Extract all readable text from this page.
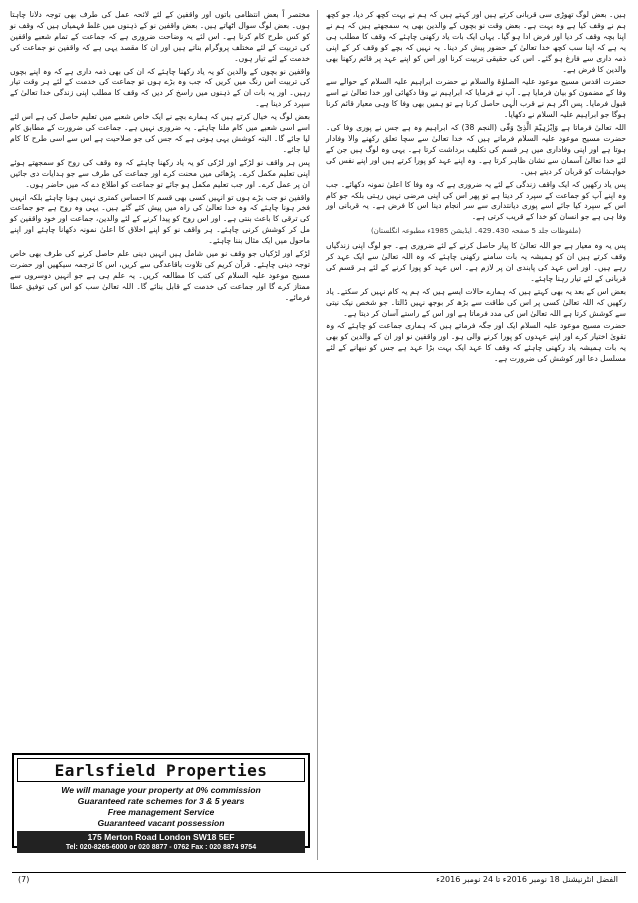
ہیں۔ بعض لوگ تھوڑی سی قربانی کرتے ہیں اور کہتے ہیں کہ ہم نے بہت کچھ کر دیا، جو کچھ ہم نے وقف کیا ہے وہ بہت ہے۔ بعض وقت نو بچوں کے والدین بھی یہ سمجھتے ہیں کہ ہم نے اپنا بچہ وقف کر دیا اور فرض ادا ہو گیا۔ یہاں ایک بات یاد رکھنی چاہئے کہ وقف کا مطلب ہی یہ ہے کہ اپنا سب کچھ خدا تعالیٰ کے حضور پیش کر دینا۔ یہ نہیں کہ بچے کو وقف کر کے اپنی ذمہ داری سے فارغ ہو گئے۔ اس کی حقیقی تربیت کرنا اور اس کو اپنے عہد پر قائم رکھنا بھی والدین کا فرض ہے۔

حضرت اقدس مسیح موعود علیہ الصلوٰۃ والسلام نے حضرت ابراہیم علیہ السلام کے حوالے سے وفا کے مضمون کو بیان فرمایا ہے۔ آپ نے فرمایا کہ ابراہیم نے وفا دکھائی اور خدا تعالیٰ نے اسے قبول فرمایا۔ پس اگر ہم نے قرب الٰہی حاصل کرنا ہے تو ہمیں بھی وفا کا وہی معیار قائم کرنا ہوگا جو ابراہیم علیہ السلام نے دکھایا۔

اللہ تعالیٰ فرماتا ہے وَاِبْرٰہِیْمَ الَّذِیْ وَفّٰی (النجم 38) کہ ابراہیم وہ ہے جس نے پوری وفا کی۔ حضرت مسیح موعود علیہ السلام فرماتے ہیں کہ خدا تعالیٰ سے سچا تعلق رکھنے والا وفادار ہوتا ہے اور اپنی وفاداری میں ہر قسم کی تکلیف برداشت کرتا ہے۔ یہی وہ لوگ ہیں جن کے لئے خدا تعالیٰ آسمان سے نشان ظاہر کرتا ہے۔ وہ اپنے عہد کو پورا کرتے ہیں اور اپنے نفس کی خواہشات کو قربان کر دیتے ہیں۔

پس یاد رکھیں کہ ایک واقف زندگی کے لئے یہ ضروری ہے کہ وہ وفا کا اعلیٰ نمونہ دکھائے۔ جب وہ اپنے آپ کو جماعت کے سپرد کر دیتا ہے تو پھر اس کی اپنی مرضی نہیں رہتی بلکہ جو کام اس کے سپرد کیا جائے اسے پوری دیانتداری سے سر انجام دینا اس کا فرض ہے۔ یہ قربانی اور وفا ہی ہے جو انسان کو خدا کے قریب کرتی ہے۔

(ملفوظات جلد 5 صفحہ 430۔429۔ ایڈیشن 1985ء مطبوعہ انگلستان)

پس یہ وہ معیار ہے جو اللہ تعالیٰ کا پیار حاصل کرنے کے لئے ضروری ہے۔ جو لوگ اپنی زندگیاں وقف کرتے ہیں ان کو ہمیشہ یہ بات سامنے رکھنی چاہئے کہ وہ اللہ تعالیٰ سے ایک عہد کر رہے ہیں۔ اور اس عہد کی پابندی ان پر لازم ہے۔ اس عہد کو پورا کرنے کے لئے ہر قسم کی قربانی کے لئے تیار رہنا چاہئے۔

بعض اس کے بعد یہ بھی کہتے ہیں کہ ہمارے حالات ایسے ہیں کہ ہم یہ کام نہیں کر سکتے۔ یاد رکھیں کہ اللہ تعالیٰ کسی پر اس کی طاقت سے بڑھ کر بوجھ نہیں ڈالتا۔ جو شخص نیک نیتی سے کوشش کرتا ہے اللہ تعالیٰ اس کی مدد فرماتا ہے اور اس کے راستے آسان کر دیتا ہے۔

حضرت مسیح موعود علیہ السلام ایک اور جگہ فرماتے ہیں کہ ہماری جماعت کو چاہئے کہ وہ تقویٰ اختیار کرے اور اپنے عہدوں کو پورا کرنے والی ہو۔ اور واقفین نو اور ان کے والدین کو بھی یہ بات ہمیشہ یاد رکھنی چاہئے کہ وقف کا عہد ایک بہت بڑا عہد ہے جس کو نبھانے کے لئے مسلسل دعا اور کوشش کی ضرورت ہے۔

مختصر اً بعض انتظامی باتوں اور واقفین کے لئے لائحہ عمل کی طرف بھی توجہ دلانا چاہتا ہوں۔ بعض لوگ سوال اٹھاتے ہیں۔ بعض واقفین نو کے ذہنوں میں غلط فہمیاں ہیں کہ وقف نو کو کس طرح کام کرنا ہے۔ اس لئے یہ وضاحت ضروری ہے کہ جماعت کے تمام شعبے واقفین کی تربیت کے لئے مختلف پروگرام بناتے ہیں اور ان کا مقصد یہی ہے کہ واقفین نو جماعت کی خدمت کے لئے تیار ہوں۔

واقفین نو بچوں کے والدین کو یہ یاد رکھنا چاہئے کہ ان کی بھی ذمہ داری ہے کہ وہ اپنے بچوں کی تربیت اس رنگ میں کریں کہ جب وہ بڑے ہوں تو جماعت کی خدمت کے لئے ہر وقت تیار رہیں۔ اور یہ بات ان کے ذہنوں میں راسخ کر دیں کہ وقف کا مطلب اپنی زندگی خدا تعالیٰ کے سپرد کر دینا ہے۔

بعض لوگ یہ خیال کرتے ہیں کہ ہمارے بچے نے ایک خاص شعبے میں تعلیم حاصل کی ہے اس لئے اسے اسی شعبے میں کام ملنا چاہئے۔ یہ ضروری نہیں ہے۔ جماعت کی ضرورت کے مطابق کام لیا جائے گا۔ البتہ کوشش یہی ہوتی ہے کہ جس کی جو صلاحیت ہے اس سے اسی طرح کا کام لیا جائے۔

پس ہر واقف نو لڑکے اور لڑکی کو یہ یاد رکھنا چاہئے کہ وہ وقف کی روح کو سمجھتے ہوئے اپنی تعلیم مکمل کرے۔ پڑھائی میں محنت کرے اور جماعت کی طرف سے جو ہدایات دی جائیں ان پر عمل کرے۔ اور جب تعلیم مکمل ہو جائے تو جماعت کو اطلاع دے کہ میں حاضر ہوں۔

واقفین نو جب بڑے ہوں تو انہیں کسی بھی قسم کا احساس کمتری نہیں ہونا چاہئے بلکہ انہیں فخر ہونا چاہئے کہ وہ خدا تعالیٰ کی راہ میں پیش کئے گئے ہیں۔ یہی وہ روح ہے جو جماعت کی ترقی کا باعث بنتی ہے۔ اور اس روح کو پیدا کرنے کے لئے والدین، جماعت اور خود واقفین کو مل کر کوشش کرنی چاہئے۔ ہر واقف نو کو اپنے اخلاق کا اعلیٰ نمونہ دکھانا چاہئے اور اپنے ماحول میں ایک مثال بننا چاہئے۔

لڑکے اور لڑکیاں جو وقف نو میں شامل ہیں انہیں دینی علم حاصل کرنے کی طرف بھی خاص توجہ دینی چاہئے۔ قرآن کریم کی تلاوت باقاعدگی سے کریں، اس کا ترجمہ سیکھیں اور حضرت مسیح موعود علیہ السلام کی کتب کا مطالعہ کریں۔ یہ علم ہی ہے جو انہیں دوسروں سے ممتاز کرے گا اور جماعت کی خدمت کے قابل بنائے گا۔ اللہ تعالیٰ سب کو اس کی توفیق عطا فرمائے۔

Earlsfield Properties
We will manage your property at 0% commission
Guaranteed rate schemes for 3 & 5 years
Free management Service
Guaranteed vacant possession
175 Merton Road London SW18 5EF
Tel: 020-8265-6000 or 020 8877 - 0762 Fax : 020 8874 9754
الفضل انٹرنیشنل 18 نومبر 2016ء تا 24 نومبر 2016ء
(7)
